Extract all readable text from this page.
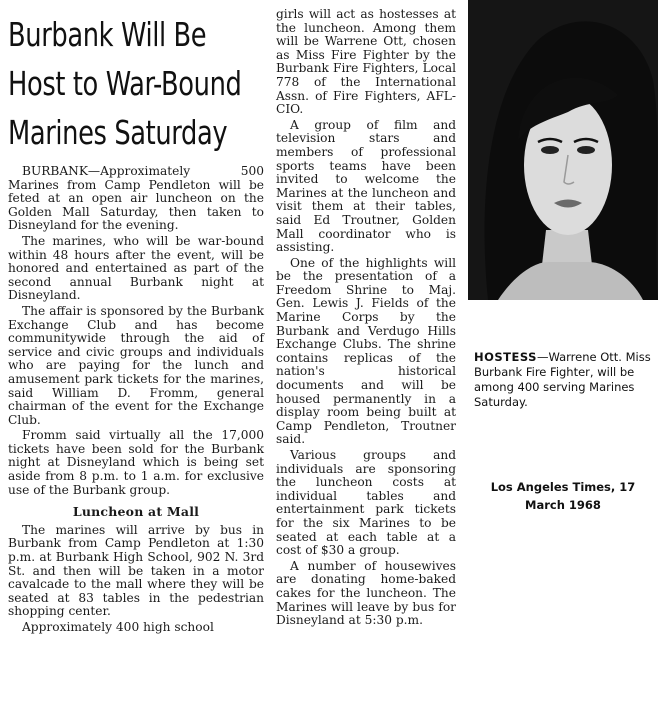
Burbank Will Be
Host to War-Bound
Marines Saturday

BURBANK—Approximately 500 Marines from Camp Pendleton will be feted at an open air luncheon on the Golden Mall Saturday, then taken to Disneyland for the evening.

The marines, who will be war-bound within 48 hours after the event, will be honored and entertained as part of the second annual Burbank night at Disneyland.

The affair is sponsored by the Burbank Exchange Club and has become communitywide through the aid of service and civic groups and individuals who are paying for the lunch and amusement park tickets for the marines, said William D. Fromm, general chairman of the event for the Exchange Club.

Fromm said virtually all the 17,000 tickets have been sold for the Burbank night at Disneyland which is being set aside from 8 p.m. to 1 a.m. for exclusive use of the Burbank group.

Luncheon at Mall

The marines will arrive by bus in Burbank from Camp Pendleton at 1:30 p.m. at Burbank High School, 902 N. 3rd St. and then will be taken in a motor cavalcade to the mall where they will be seated at 83 tables in the pedestrian shopping center.

Approximately 400 high school

girls will act as hostesses at the luncheon. Among them will be Warrene Ott, chosen as Miss Fire Fighter by the Burbank Fire Fighters, Local 778 of the International Assn. of Fire Fighters, AFL-CIO.

A group of film and television stars and members of professional sports teams have been invited to welcome the Marines at the luncheon and visit them at their tables, said Ed Troutner, Golden Mall coordinator who is assisting.

One of the highlights will be the presentation of a Freedom Shrine to Maj. Gen. Lewis J. Fields of the Marine Corps by the Burbank and Verdugo Hills Exchange Clubs. The shrine contains replicas of the nation's historical documents and will be housed permanently in a display room being built at Camp Pendleton, Troutner said.

Various groups and individuals are sponsoring the luncheon costs at individual tables and entertainment park tickets for the six Marines to be seated at each table at a cost of $30 a group.

A number of housewives are donating home-baked cakes for the luncheon. The Marines will leave by bus for Disneyland at 5:30 p.m.

HOSTESS—Warrene Ott. Miss Burbank Fire Fighter, will be among 400 serving Marines Saturday.
Los Angeles Times, 17
March 1968
